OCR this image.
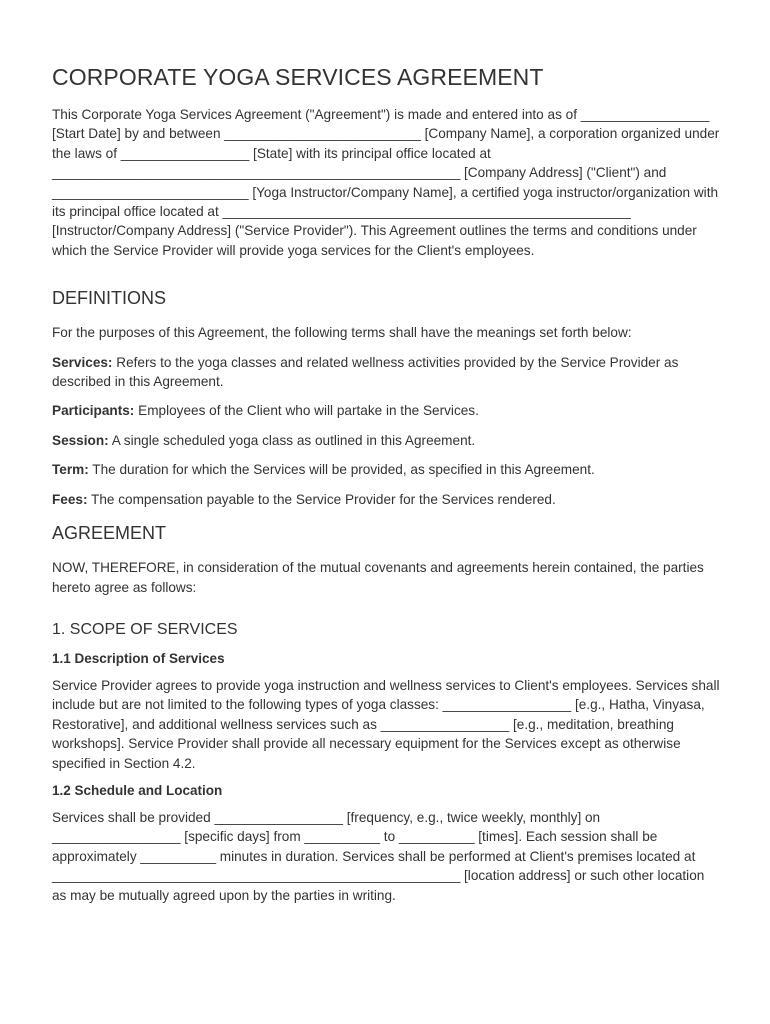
CORPORATE YOGA SERVICES AGREEMENT

This Corporate Yoga Services Agreement ("Agreement") is made and entered into as of _________________ [Start Date] by and between __________________________ [Company Name], a corporation organized under the laws of _________________ [State] with its principal office located at ______________________________________________________ [Company Address] ("Client") and __________________________ [Yoga Instructor/Company Name], a certified yoga instructor/organization with its principal office located at ______________________________________________________ [Instructor/Company Address] ("Service Provider"). This Agreement outlines the terms and conditions under which the Service Provider will provide yoga services for the Client's employees.

DEFINITIONS

For the purposes of this Agreement, the following terms shall have the meanings set forth below:

Services: Refers to the yoga classes and related wellness activities provided by the Service Provider as described in this Agreement.

Participants: Employees of the Client who will partake in the Services.

Session: A single scheduled yoga class as outlined in this Agreement.

Term: The duration for which the Services will be provided, as specified in this Agreement.

Fees: The compensation payable to the Service Provider for the Services rendered.

AGREEMENT

NOW, THEREFORE, in consideration of the mutual covenants and agreements herein contained, the parties hereto agree as follows:

1. SCOPE OF SERVICES
1.1 Description of Services

Service Provider agrees to provide yoga instruction and wellness services to Client's employees. Services shall include but are not limited to the following types of yoga classes: _________________ [e.g., Hatha, Vinyasa, Restorative], and additional wellness services such as _________________ [e.g., meditation, breathing workshops]. Service Provider shall provide all necessary equipment for the Services except as otherwise specified in Section 4.2.

1.2 Schedule and Location

Services shall be provided _________________ [frequency, e.g., twice weekly, monthly] on _________________ [specific days] from __________ to __________ [times]. Each session shall be approximately __________ minutes in duration. Services shall be performed at Client's premises located at ______________________________________________________ [location address] or such other location as may be mutually agreed upon by the parties in writing.
